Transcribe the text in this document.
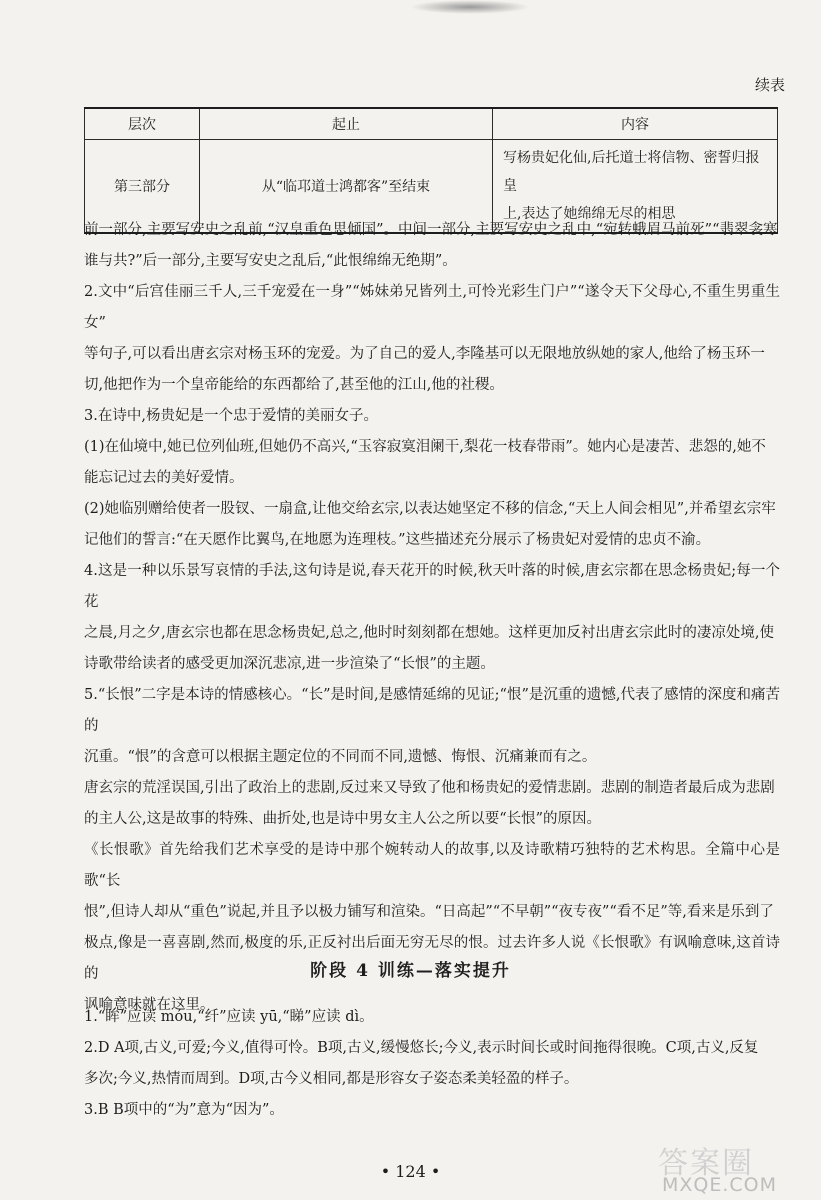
续表
层次	起止	内容
第三部分	从“临邛道士鸿都客”至结束	写杨贵妃化仙,后托道士将信物、密誓归报皇
上,表达了她绵绵无尽的相思
前一部分,主要写安史之乱前,“汉皇重色思倾国”。中间一部分,主要写安史之乱中,“宛转蛾眉马前死”“翡翠衾寒
谁与共?”后一部分,主要写安史之乱后,“此恨绵绵无绝期”。
2.文中“后宫佳丽三千人,三千宠爱在一身”“姊妹弟兄皆列土,可怜光彩生门户”“遂令天下父母心,不重生男重生女”
等句子,可以看出唐玄宗对杨玉环的宠爱。为了自己的爱人,李隆基可以无限地放纵她的家人,他给了杨玉环一
切,他把作为一个皇帝能给的东西都给了,甚至他的江山,他的社稷。
3.在诗中,杨贵妃是一个忠于爱情的美丽女子。
(1)在仙境中,她已位列仙班,但她仍不高兴,“玉容寂寞泪阑干,梨花一枝春带雨”。她内心是凄苦、悲怨的,她不
能忘记过去的美好爱情。
(2)她临别赠给使者一股钗、一扇盒,让他交给玄宗,以表达她坚定不移的信念,“天上人间会相见”,并希望玄宗牢
记他们的誓言:“在天愿作比翼鸟,在地愿为连理枝。”这些描述充分展示了杨贵妃对爱情的忠贞不渝。
4.这是一种以乐景写哀情的手法,这句诗是说,春天花开的时候,秋天叶落的时候,唐玄宗都在思念杨贵妃;每一个花
之晨,月之夕,唐玄宗也都在思念杨贵妃,总之,他时时刻刻都在想她。这样更加反衬出唐玄宗此时的凄凉处境,使
诗歌带给读者的感受更加深沉悲凉,进一步渲染了“长恨”的主题。
5.“长恨”二字是本诗的情感核心。“长”是时间,是感情延绵的见证;“恨”是沉重的遗憾,代表了感情的深度和痛苦的
沉重。“恨”的含意可以根据主题定位的不同而不同,遗憾、悔恨、沉痛兼而有之。
唐玄宗的荒淫误国,引出了政治上的悲剧,反过来又导致了他和杨贵妃的爱情悲剧。悲剧的制造者最后成为悲剧
的主人公,这是故事的特殊、曲折处,也是诗中男女主人公之所以要“长恨”的原因。
《长恨歌》首先给我们艺术享受的是诗中那个婉转动人的故事,以及诗歌精巧独特的艺术构思。全篇中心是歌“长
恨”,但诗人却从“重色”说起,并且予以极力铺写和渲染。“日高起”“不早朝”“夜专夜”“看不足”等,看来是乐到了
极点,像是一喜喜剧,然而,极度的乐,正反衬出后面无穷无尽的恨。过去许多人说《长恨歌》有讽喻意味,这首诗的
讽喻意味就在这里。
阶段 4 训练—落实提升
1.“眸”应读 móu,“纤”应读 yū,“睇”应读 dì。
2.D A项,古义,可爱;今义,值得可怜。B项,古义,缓慢悠长;今义,表示时间长或时间拖得很晚。C项,古义,反复
多次;今义,热情而周到。D项,古今义相同,都是形容女子姿态柔美轻盈的样子。
3.B B项中的“为”意为“因为”。
• 124 •	答案圈
MXQE.COM
